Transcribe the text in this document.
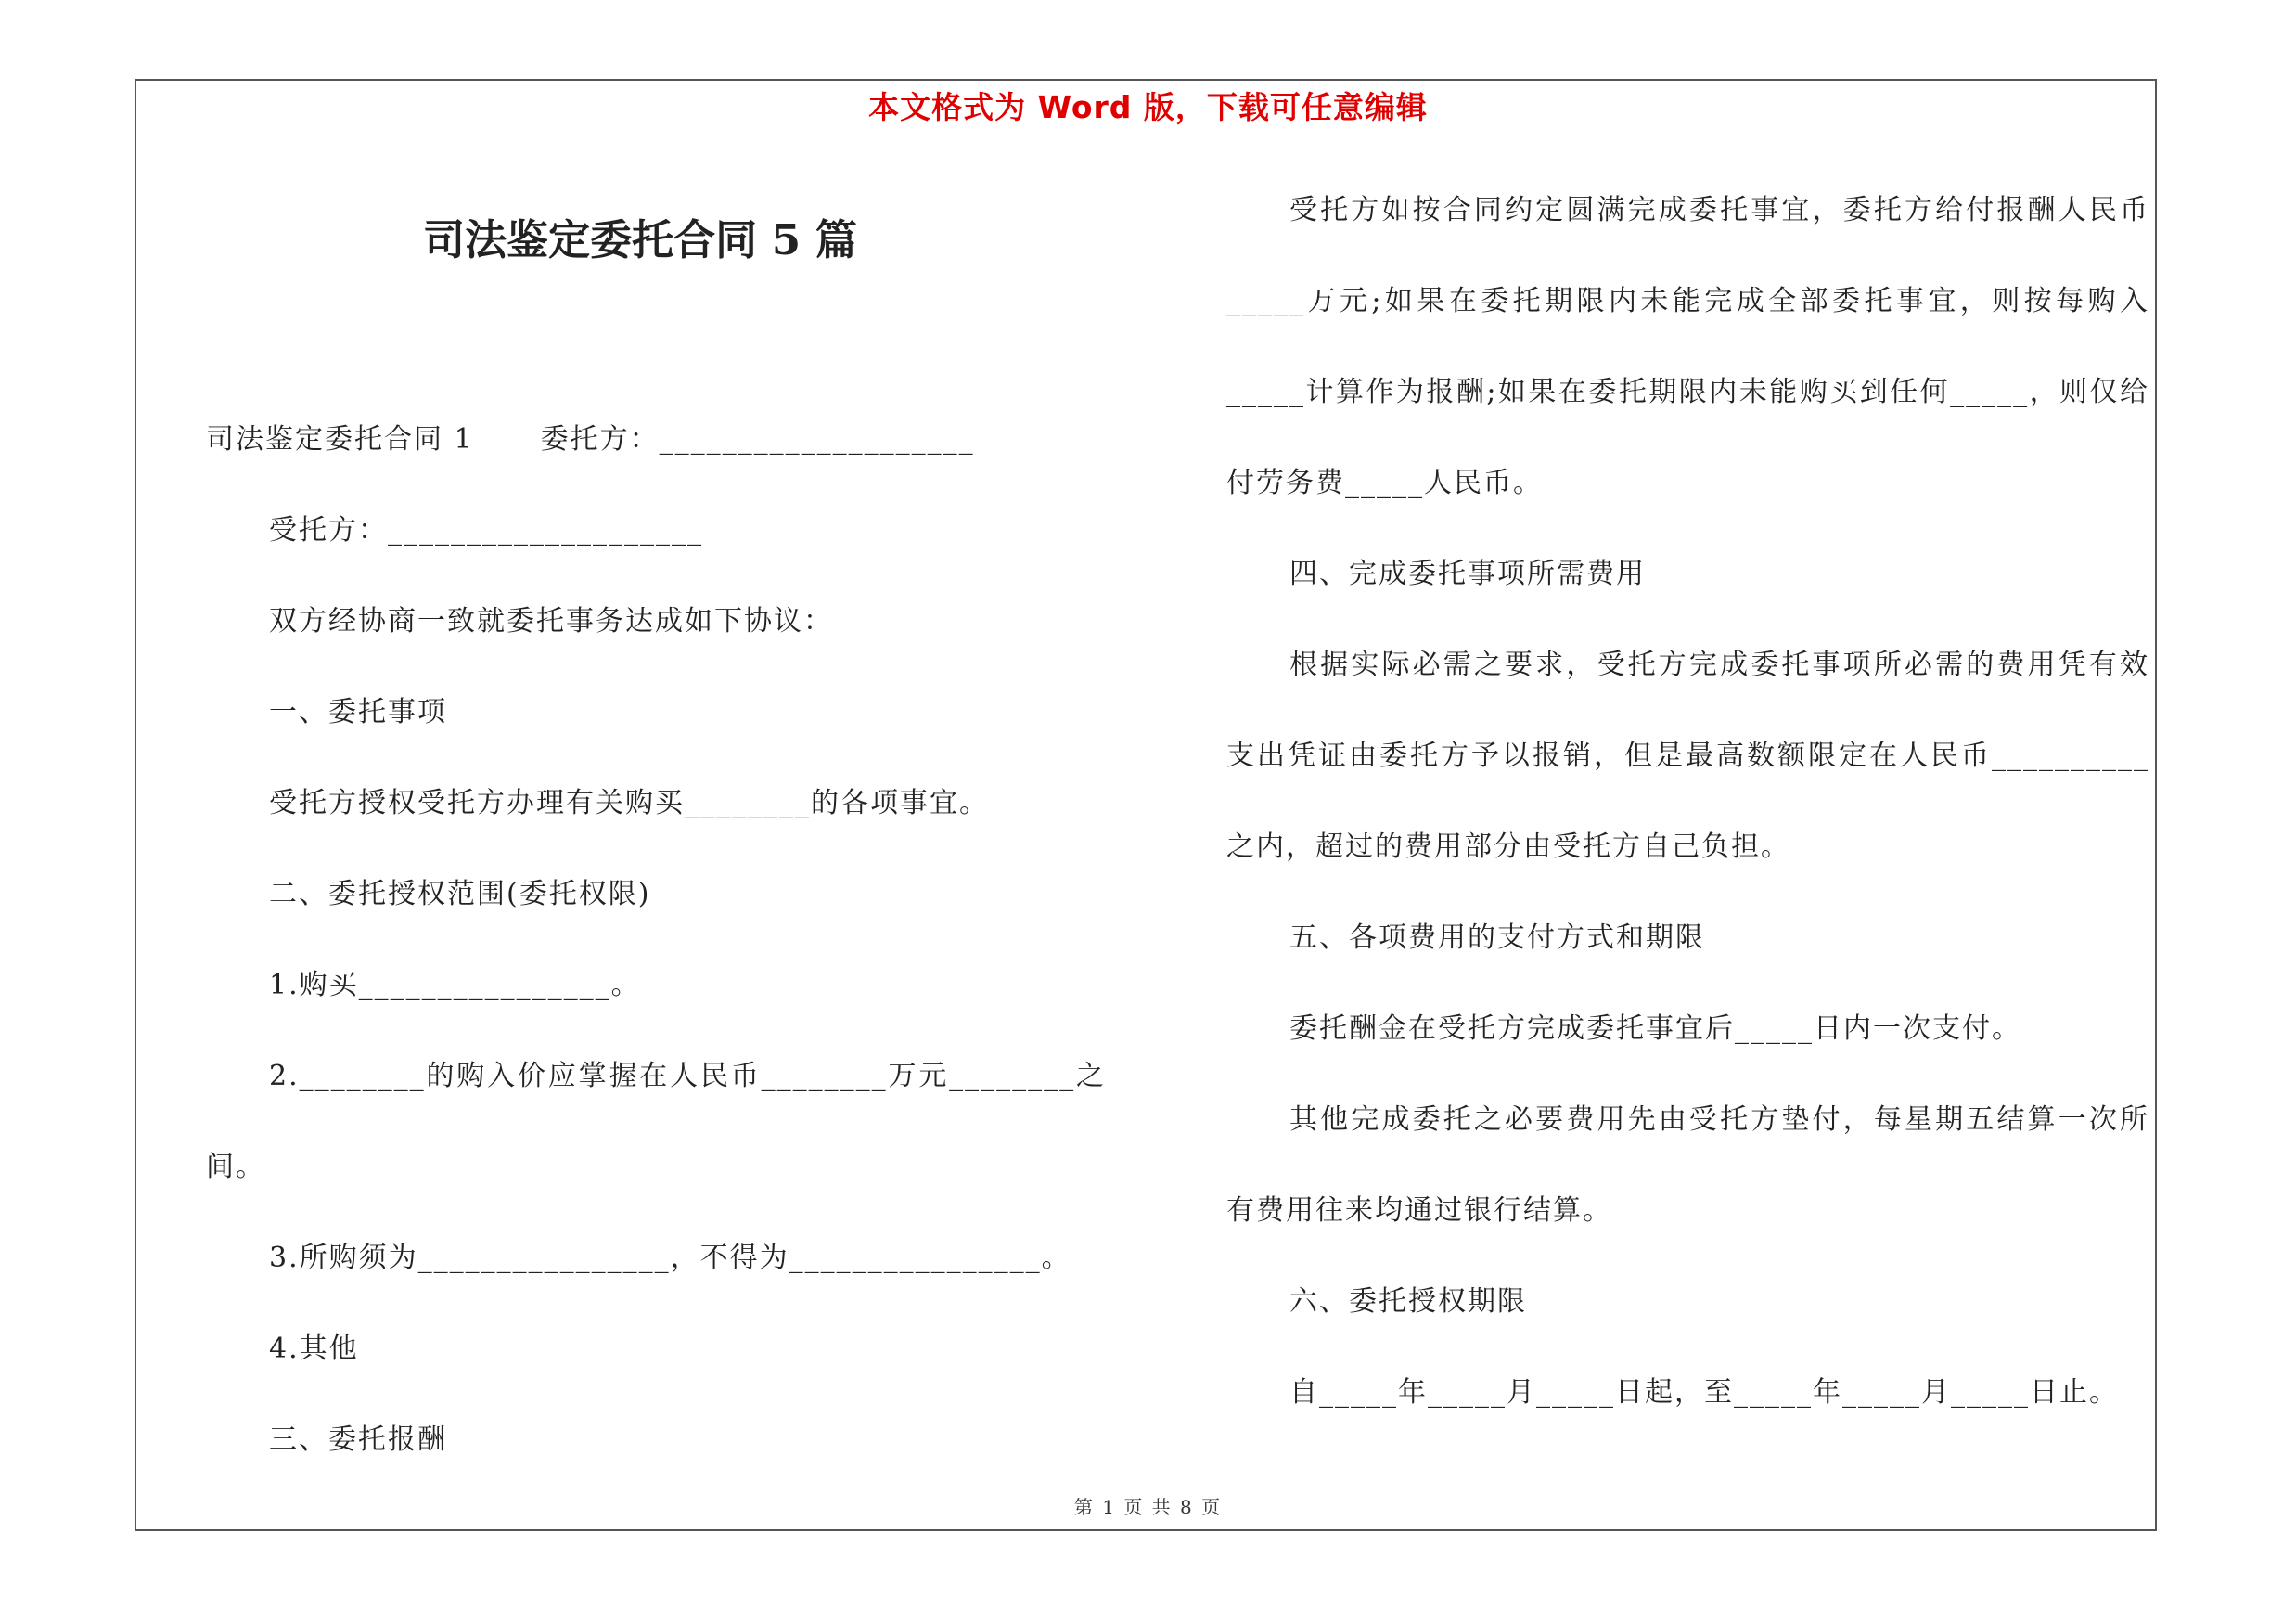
本文格式为 Word 版，下载可任意编辑
司法鉴定委托合同 5 篇

司法鉴定委托合同 1 委托方：____________________

受托方：____________________

双方经协商一致就委托事务达成如下协议：

一、委托事项

受托方授权受托方办理有关购买________的各项事宜。

二、委托授权范围(委托权限)

1.购买________________。

2.________的购入价应掌握在人民币________万元________之间。

3.所购须为________________，不得为________________。

4.其他

三、委托报酬

受托方如按合同约定圆满完成委托事宜，委托方给付报酬人民币_____万元;如果在委托期限内未能完成全部委托事宜，则按每购入_____计算作为报酬;如果在委托期限内未能购买到任何_____，则仅给付劳务费_____人民币。

四、完成委托事项所需费用

根据实际必需之要求，受托方完成委托事项所必需的费用凭有效支出凭证由委托方予以报销，但是最高数额限定在人民币__________之内，超过的费用部分由受托方自己负担。

五、各项费用的支付方式和期限

委托酬金在受托方完成委托事宜后_____日内一次支付。

其他完成委托之必要费用先由受托方垫付，每星期五结算一次所有费用往来均通过银行结算。

六、委托授权期限

自_____年_____月_____日起，至_____年_____月_____日止。

第 1 页 共 8 页
